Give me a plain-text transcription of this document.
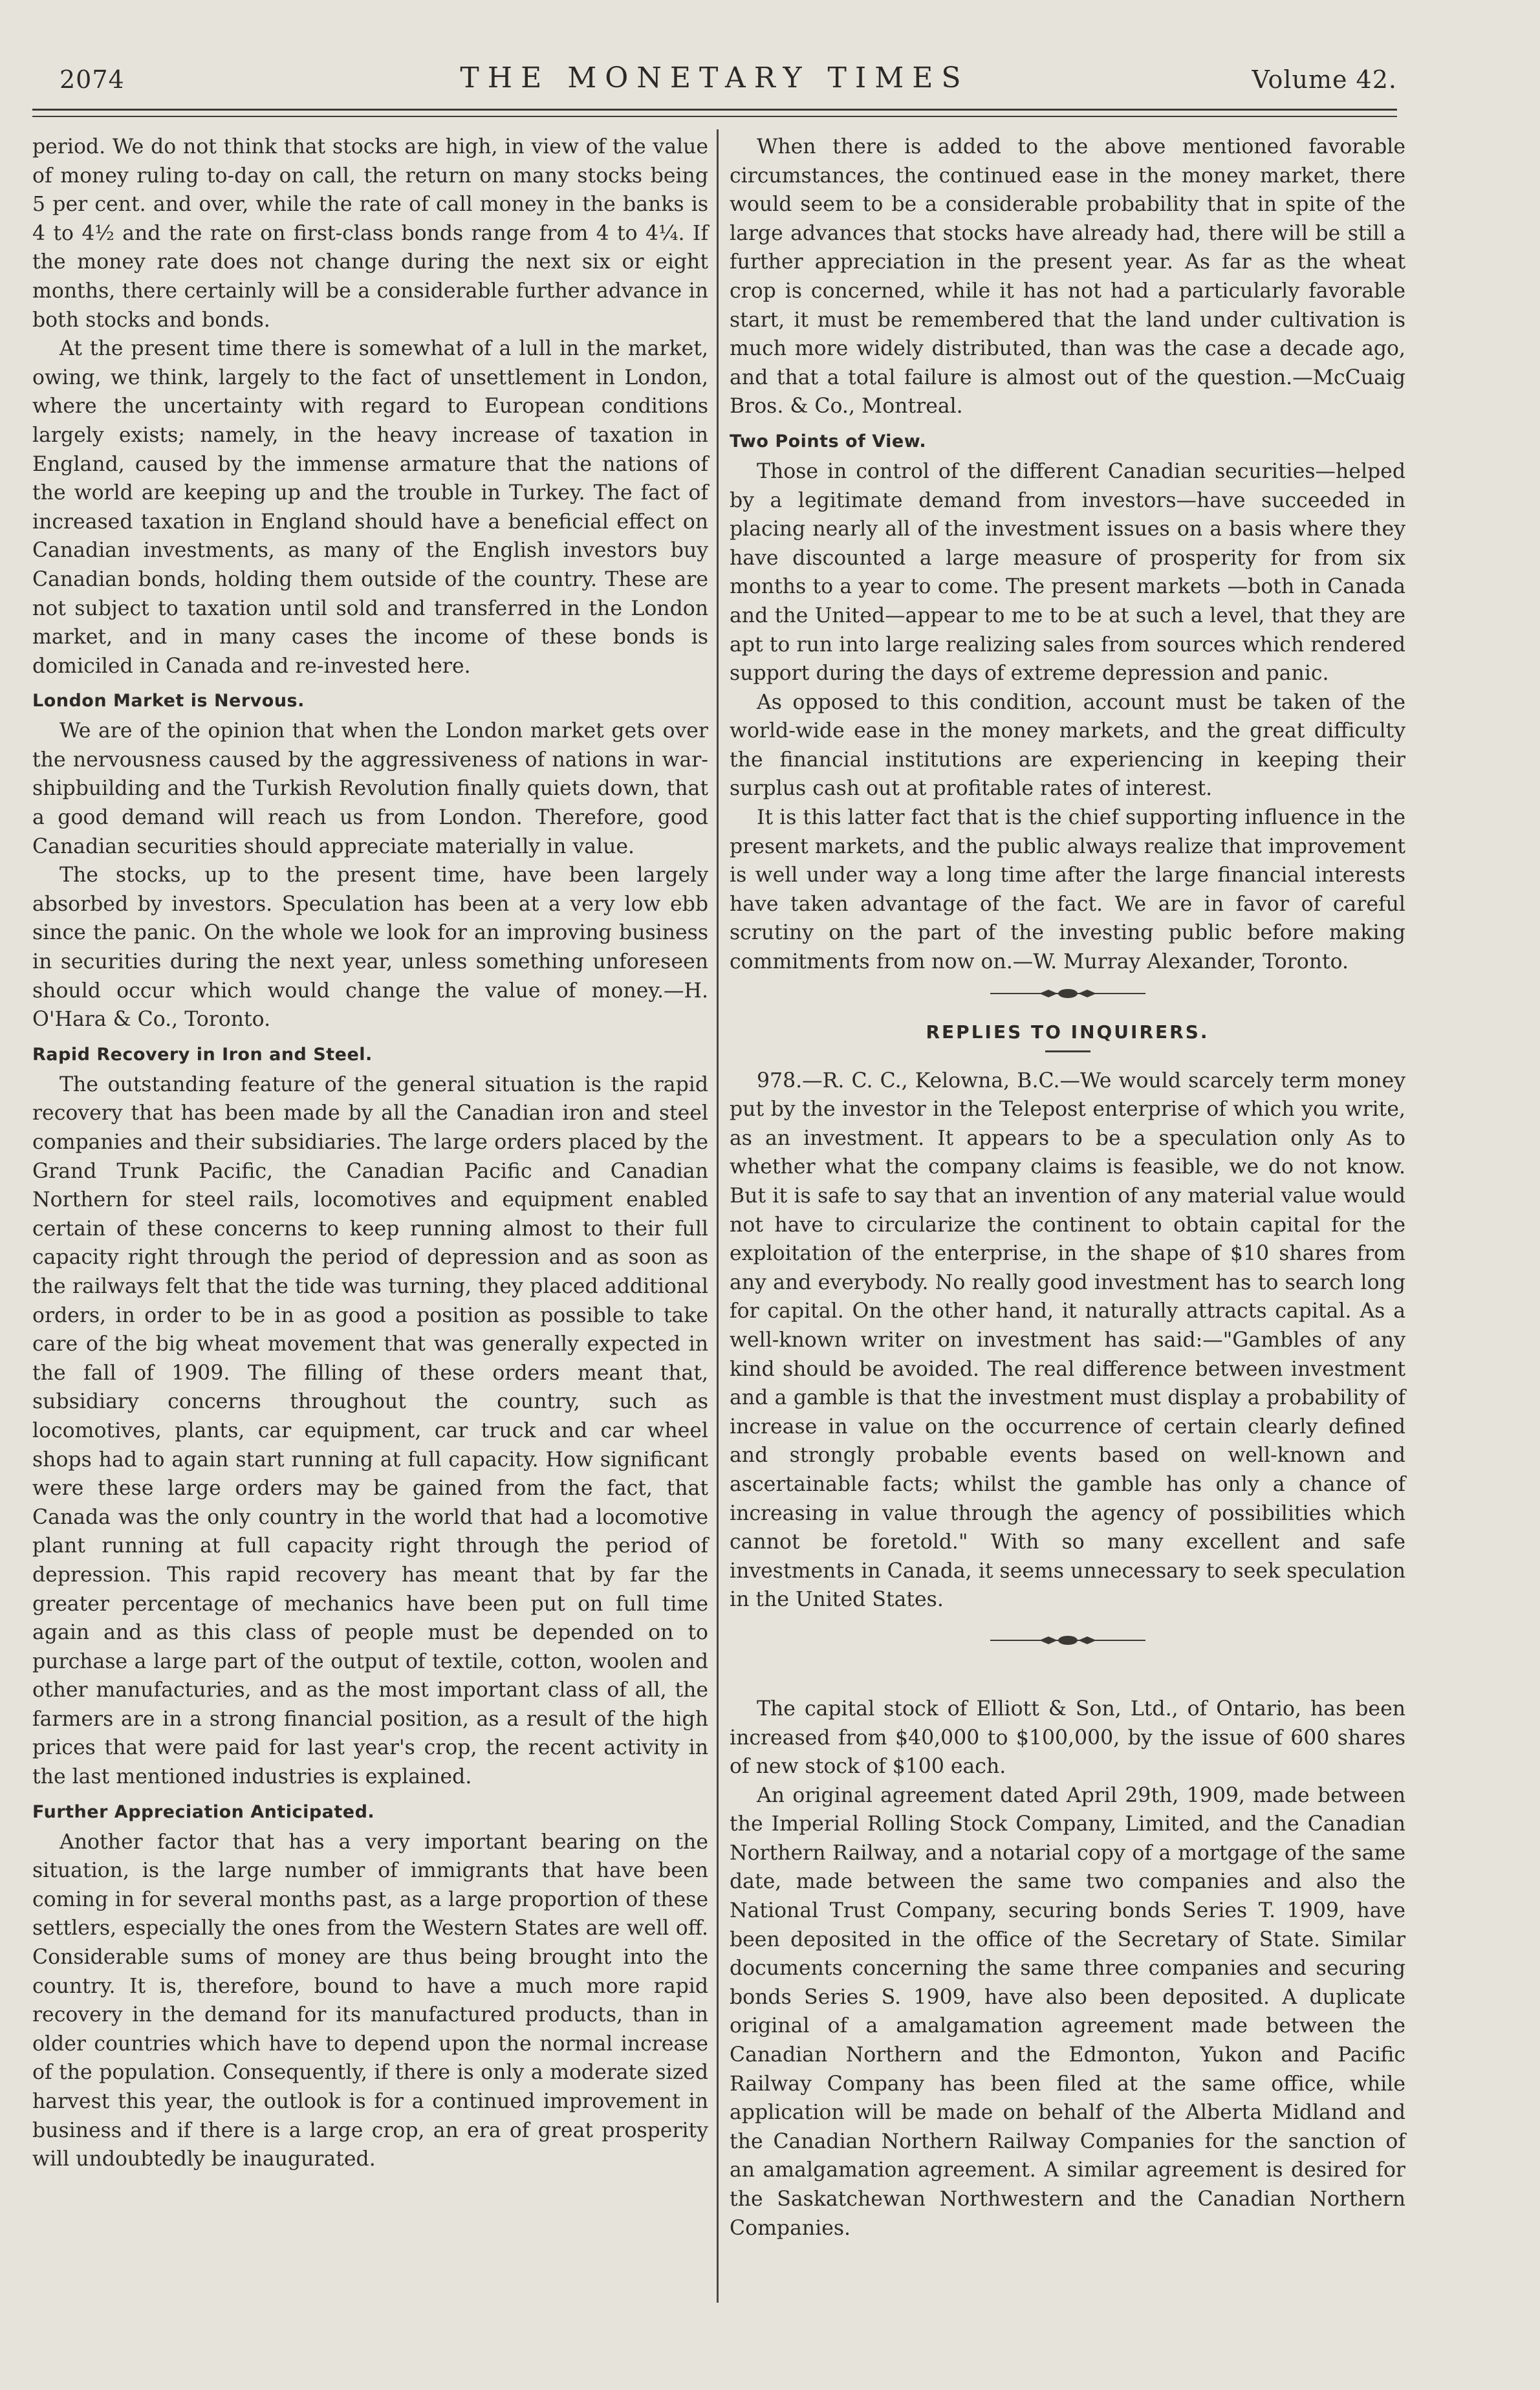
2074	THE MONETARY TIMES	Volume 42.

period. We do not think that stocks are high, in view of the value of money ruling to-day on call, the return on many stocks being 5 per cent. and over, while the rate of call money in the banks is 4 to 4½ and the rate on first-class bonds range from 4 to 4¼. If the money rate does not change during the next six or eight months, there certainly will be a considerable further advance in both stocks and bonds.

At the present time there is somewhat of a lull in the market, owing, we think, largely to the fact of unsettlement in London, where the uncertainty with regard to European conditions largely exists; namely, in the heavy increase of taxation in England, caused by the immense armature that the nations of the world are keeping up and the trouble in Turkey. The fact of increased taxation in England should have a beneficial effect on Canadian investments, as many of the English investors buy Canadian bonds, holding them outside of the country. These are not subject to taxation until sold and transferred in the London market, and in many cases the income of these bonds is domiciled in Canada and re-invested here.

London Market is Nervous.

We are of the opinion that when the London market gets over the nervousness caused by the aggressiveness of nations in war-shipbuilding and the Turkish Revolution finally quiets down, that a good demand will reach us from London. Therefore, good Canadian securities should appreciate materially in value.

The stocks, up to the present time, have been largely absorbed by investors. Speculation has been at a very low ebb since the panic. On the whole we look for an improving business in securities during the next year, unless something unforeseen should occur which would change the value of money.—H. O'Hara & Co., Toronto.

Rapid Recovery in Iron and Steel.

The outstanding feature of the general situation is the rapid recovery that has been made by all the Canadian iron and steel companies and their subsidiaries. The large orders placed by the Grand Trunk Pacific, the Canadian Pacific and Canadian Northern for steel rails, locomotives and equipment enabled certain of these concerns to keep running almost to their full capacity right through the period of depression and as soon as the railways felt that the tide was turning, they placed additional orders, in order to be in as good a position as possible to take care of the big wheat movement that was generally expected in the fall of 1909. The filling of these orders meant that, subsidiary concerns throughout the country, such as locomotives, plants, car equipment, car truck and car wheel shops had to again start running at full capacity. How significant were these large orders may be gained from the fact, that Canada was the only country in the world that had a locomotive plant running at full capacity right through the period of depression. This rapid recovery has meant that by far the greater percentage of mechanics have been put on full time again and as this class of people must be depended on to purchase a large part of the output of textile, cotton, woolen and other manufacturies, and as the most important class of all, the farmers are in a strong financial position, as a result of the high prices that were paid for last year's crop, the recent activity in the last mentioned industries is explained.

Further Appreciation Anticipated.

Another factor that has a very important bearing on the situation, is the large number of immigrants that have been coming in for several months past, as a large proportion of these settlers, especially the ones from the Western States are well off. Considerable sums of money are thus being brought into the country. It is, therefore, bound to have a much more rapid recovery in the demand for its manufactured products, than in older countries which have to depend upon the normal increase of the population. Consequently, if there is only a moderate sized harvest this year, the outlook is for a continued improvement in business and if there is a large crop, an era of great prosperity will undoubtedly be inaugurated.

When there is added to the above mentioned favorable circumstances, the continued ease in the money market, there would seem to be a considerable probability that in spite of the large advances that stocks have already had, there will be still a further appreciation in the present year. As far as the wheat crop is concerned, while it has not had a particularly favorable start, it must be remembered that the land under cultivation is much more widely distributed, than was the case a decade ago, and that a total failure is almost out of the question.—McCuaig Bros. & Co., Montreal.

Two Points of View.

Those in control of the different Canadian securities—helped by a legitimate demand from investors—have succeeded in placing nearly all of the investment issues on a basis where they have discounted a large measure of prosperity for from six months to a year to come. The present markets —both in Canada and the United—appear to me to be at such a level, that they are apt to run into large realizing sales from sources which rendered support during the days of extreme depression and panic.

As opposed to this condition, account must be taken of the world-wide ease in the money markets, and the great difficulty the financial institutions are experiencing in keeping their surplus cash out at profitable rates of interest.

It is this latter fact that is the chief supporting influence in the present markets, and the public always realize that improvement is well under way a long time after the large financial interests have taken advantage of the fact. We are in favor of careful scrutiny on the part of the investing public before making commitments from now on.—W. Murray Alexander, Toronto.

REPLIES TO INQUIRERS.

978.—R. C. C., Kelowna, B.C.—We would scarcely term money put by the investor in the Telepost enterprise of which you write, as an investment. It appears to be a speculation only As to whether what the company claims is feasible, we do not know. But it is safe to say that an invention of any material value would not have to circularize the continent to obtain capital for the exploitation of the enterprise, in the shape of $10 shares from any and everybody. No really good investment has to search long for capital. On the other hand, it naturally attracts capital. As a well-known writer on investment has said:—"Gambles of any kind should be avoided. The real difference between investment and a gamble is that the investment must display a probability of increase in value on the occurrence of certain clearly defined and strongly probable events based on well-known and ascertainable facts; whilst the gamble has only a chance of increasing in value through the agency of possibilities which cannot be foretold." With so many excellent and safe investments in Canada, it seems unnecessary to seek speculation in the United States.

The capital stock of Elliott & Son, Ltd., of Ontario, has been increased from $40,000 to $100,000, by the issue of 600 shares of new stock of $100 each.

An original agreement dated April 29th, 1909, made between the Imperial Rolling Stock Company, Limited, and the Canadian Northern Railway, and a notarial copy of a mortgage of the same date, made between the same two companies and also the National Trust Company, securing bonds Series T. 1909, have been deposited in the office of the Secretary of State. Similar documents concerning the same three companies and securing bonds Series S. 1909, have also been deposited. A duplicate original of a amalgamation agreement made between the Canadian Northern and the Edmonton, Yukon and Pacific Railway Company has been filed at the same office, while application will be made on behalf of the Alberta Midland and the Canadian Northern Railway Companies for the sanction of an amalgamation agreement. A similar agreement is desired for the Saskatchewan Northwestern and the Canadian Northern Companies.
